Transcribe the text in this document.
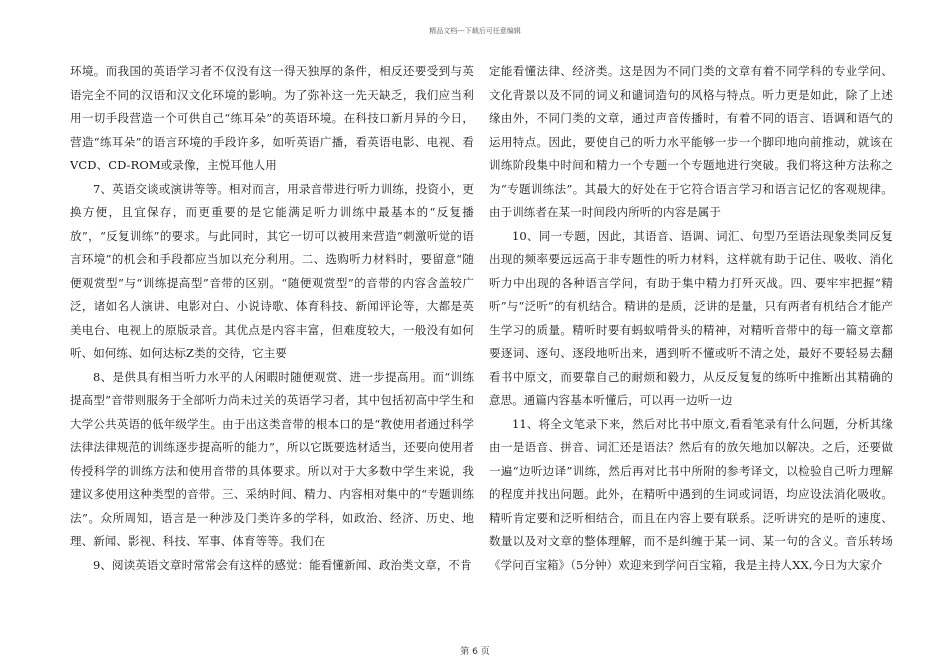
精品文档---下载后可任意编辑

环境。而我国的英语学习者不仅没有这一得天独厚的条件，相反还要受到与英语完全不同的汉语和汉文化环境的影响。为了弥补这一先天缺乏，我们应当利用一切手段营造一个可供自己“练耳朵”的英语环境。在科技口新月异的今日，营造“练耳朵”的语言环境的手段许多，如听英语广播，看英语电影、电视、看VCD、CD-ROM或录像，主悦耳他人用

7、英语交谈或演讲等等。相对而言，用录音带进行听力训练，投资小，更换方便，且宜保存，而更重要的是它能满足听力训练中最基本的“反复播放”，“反复训练”的要求。与此同时，其它一切可以被用来营造“刺激听觉的语言环境”的机会和手段都应当加以充分利用。二、选购听力材料时，要留意“随便观赏型”与“训练提高型”音带的区别。“随便观赏型”的音带的内容含盖较广泛，诸如名人演讲、电影对白、小说诗歌、体育科技、新闻评论等，大都是英美电台、电视上的原版录音。其优点是内容丰富，但难度较大，一般没有如何听、如何练、如何达标Z类的交待，它主要

8、是供具有相当听力水平的人闲暇时随便观赏、进一步提高用。而“训练提高型”音带则服务于全部听力尚未过关的英语学习者，其中包括初高中学生和大学公共英语的低年级学生。由于出这类音带的根本口的是“教使用者通过科学法律法律规范的训练逐步提高听的能力”，所以它既要选材适当，还要向使用者传授科学的训练方法和使用音带的具体要求。所以对于大多数中学生来说，我建议多使用这种类型的音带。三、采纳时间、精力、内容相对集中的“专题训练法”。众所周知，语言是一种涉及门类许多的学科，如政治、经济、历史、地理、新闻、影视、科技、军事、体育等等。我们在

9、阅读英语文章时常常会有这样的感觉：能看懂新闻、政治类文章，不肯

定能看懂法律、经济类。这是因为不同门类的文章有着不同学科的专业学问、文化背景以及不同的词义和谴词造句的风格与特点。听力更是如此，除了上述缘由外，不同门类的文章，通过声音传播时，有着不同的语言、语调和语气的运用特点。因此，要使自己的听力水平能够一步一个脚印地向前推动，就该在训练阶段集中时间和精力一个专题一个专题地进行突破。我们将这种方法称之为“专题训练法”。其最大的好处在于它符合语言学习和语言记忆的客观规律。由于训练者在某一时间段内所听的内容是属于

10、同一专题，因此，其语音、语调、词汇、句型乃至语法现象类同反复出现的频率要远远高于非专题性的听力材料，这样就有助于记住、吸收、消化听力中出现的各种语言学问，有助于集中精力打歼灭战。四、要牢牢把握“精听”与“泛听”的有机结合。精讲的是质，泛讲的是量，只有两者有机结合才能产生学习的质量。精听时要有蚂蚁啃骨头的精神，对精听音带中的每一篇文章都要逐词、逐句、逐段地听出来，遇到听不懂或听不清之处，最好不要轻易去翻看书中原文，而要靠自己的耐烦和毅力，从反反复复的练听中推断出其精确的意思。通篇内容基本听懂后，可以再一边听一边

11、将全文笔录下来，然后对比书中原文,看看笔录有什么问题，分析其缘由一是语音、拼音、词汇还是语法？然后有的放矢地加以解决。之后，还要做一遍“边听边译”训练，然后再对比书中所附的参考译文，以检验自己听力理解的程度并找出问题。此外，在精听中遇到的生词或词语，均应设法消化吸收。精听肯定要和泛听相结合，而且在内容上要有联系。泛听讲究的是听的速度、数量以及对文章的整体理解，而不是纠缠于某一词、某一句的含义。音乐转场《学问百宝箱》（5分钟）欢迎来到学问百宝箱，我是主持人XX,今日为大家介

第 6 页
